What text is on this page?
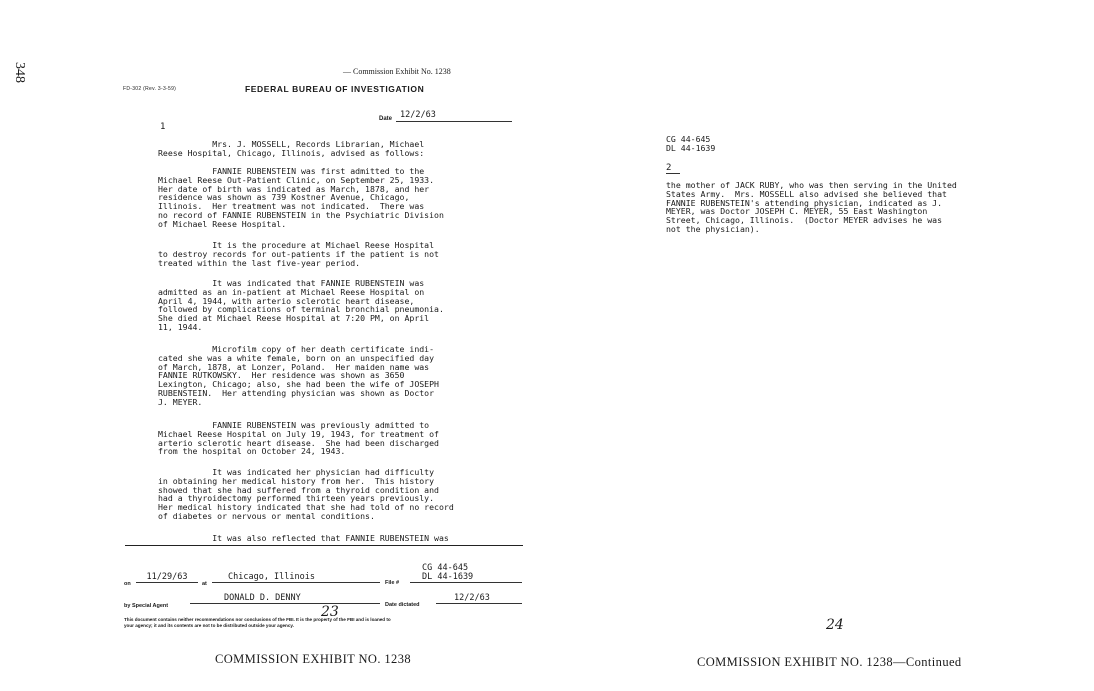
348	— Commission Exhibit No. 1238
FD-302 (Rev. 3-3-59)	FEDERAL BUREAU OF INVESTIGATION
Date 12/2/63
1
Mrs. J. MOSSELL, Records Librarian, Michael
Reese Hospital, Chicago, Illinois, advised as follows:
FANNIE RUBENSTEIN was first admitted to the
Michael Reese Out-Patient Clinic, on September 25, 1933.
Her date of birth was indicated as March, 1878, and her
residence was shown as 739 Kostner Avenue, Chicago,
Illinois.  Her treatment was not indicated.  There was
no record of FANNIE RUBENSTEIN in the Psychiatric Division
of Michael Reese Hospital.
It is the procedure at Michael Reese Hospital
to destroy records for out-patients if the patient is not
treated within the last five-year period.
It was indicated that FANNIE RUBENSTEIN was
admitted as an in-patient at Michael Reese Hospital on
April 4, 1944, with arterio sclerotic heart disease,
followed by complications of terminal bronchial pneumonia.
She died at Michael Reese Hospital at 7:20 PM, on April
11, 1944.
Microfilm copy of her death certificate indi-
cated she was a white female, born on an unspecified day
of March, 1878, at Lonzer, Poland.  Her maiden name was
FANNIE RUTKOWSKY.  Her residence was shown as 3650
Lexington, Chicago; also, she had been the wife of JOSEPH
RUBENSTEIN.  Her attending physician was shown as Doctor
J. MEYER.
FANNIE RUBENSTEIN was previously admitted to
Michael Reese Hospital on July 19, 1943, for treatment of
arterio sclerotic heart disease.  She had been discharged
from the hospital on October 24, 1943.
It was indicated her physician had difficulty
in obtaining her medical history from her.  This history
showed that she had suffered from a thyroid condition and
had a thyroidectomy performed thirteen years previously.
Her medical history indicated that she had told of no record
of diabetes or nervous or mental conditions.
It was also reflected that FANNIE RUBENSTEIN was
on
11/29/63
at
Chicago, Illinois
File #
CG 44-645
DL 44-1639
by Special Agent
DONALD D. DENNY
Date dictated
12/2/63
23
This document contains neither recommendations nor conclusions of the FBI. It is the property of the FBI and is loaned to
your agency; it and its contents are not to be distributed outside your agency.
COMMISSION EXHIBIT NO. 1238
CG 44-645
DL 44-1639
2
the mother of JACK RUBY, who was then serving in the United
States Army.  Mrs. MOSSELL also advised she believed that
FANNIE RUBENSTEIN's attending physician, indicated as J.
MEYER, was Doctor JOSEPH C. MEYER, 55 East Washington
Street, Chicago, Illinois.  (Doctor MEYER advises he was
not the physician).
24
COMMISSION EXHIBIT NO. 1238—Continued
